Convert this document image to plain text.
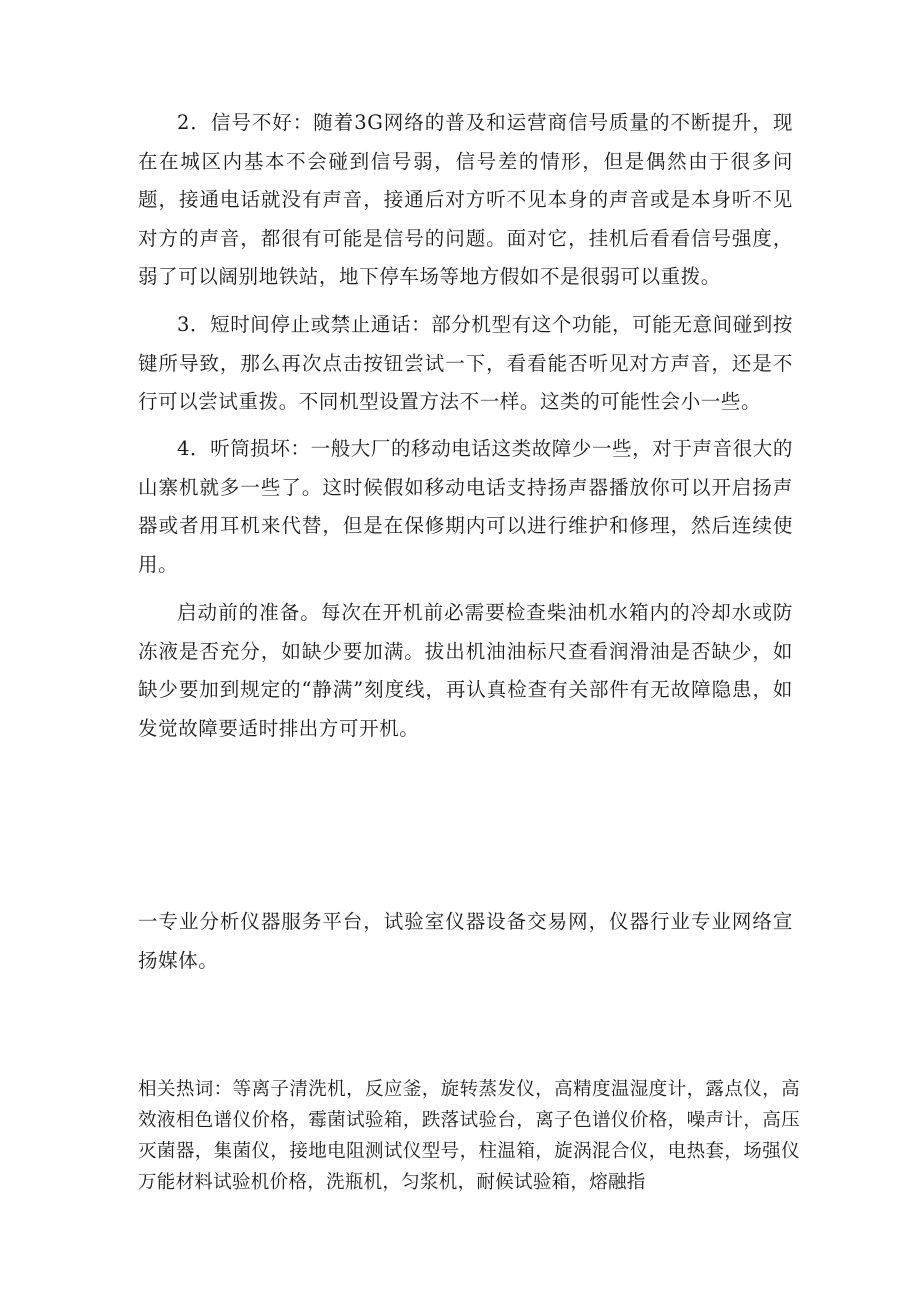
2．信号不好：随着3G网络的普及和运营商信号质量的不断提升，现在在城区内基本不会碰到信号弱，信号差的情形，但是偶然由于很多问题，接通电话就没有声音，接通后对方听不见本身的声音或是本身听不见对方的声音，都很有可能是信号的问题。面对它，挂机后看看信号强度，弱了可以阔别地铁站，地下停车场等地方假如不是很弱可以重拨。

3．短时间停止或禁止通话：部分机型有这个功能，可能无意间碰到按键所导致，那么再次点击按钮尝试一下，看看能否听见对方声音，还是不行可以尝试重拨。不同机型设置方法不一样。这类的可能性会小一些。

4．听筒损坏：一般大厂的移动电话这类故障少一些，对于声音很大的山寨机就多一些了。这时候假如移动电话支持扬声器播放你可以开启扬声器或者用耳机来代替，但是在保修期内可以进行维护和修理，然后连续使用。

启动前的准备。每次在开机前必需要检查柴油机水箱内的冷却水或防冻液是否充分，如缺少要加满。拔出机油油标尺查看润滑油是否缺少，如缺少要加到规定的“静满”刻度线，再认真检查有关部件有无故障隐患，如发觉故障要适时排出方可开机。

一专业分析仪器服务平台，试验室仪器设备交易网，仪器行业专业网络宣扬媒体。

相关热词：等离子清洗机，反应釜，旋转蒸发仪，高精度温湿度计，露点仪，高效液相色谱仪价格，霉菌试验箱，跌落试验台，离子色谱仪价格，噪声计，高压灭菌器，集菌仪，接地电阻测试仪型号，柱温箱，旋涡混合仪，电热套，场强仪万能材料试验机价格，洗瓶机，匀浆机，耐候试验箱，熔融指
